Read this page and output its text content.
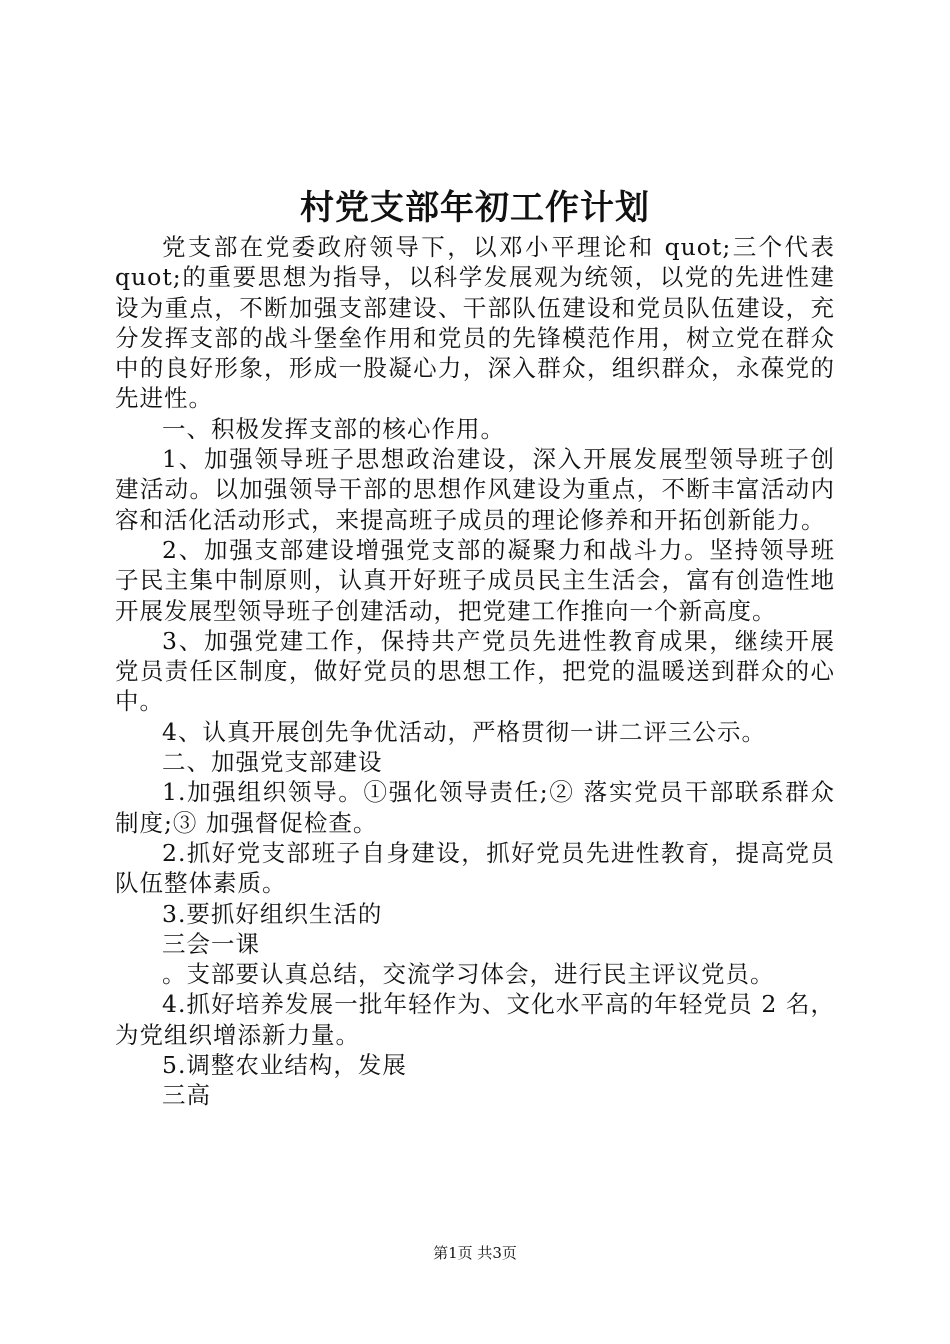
村党支部年初工作计划

党支部在党委政府领导下，以邓小平理论和 quot;三个代表 quot;的重要思想为指导，以科学发展观为统领，以党的先进性建设为重点，不断加强支部建设、干部队伍建设和党员队伍建设，充分发挥支部的战斗堡垒作用和党员的先锋模范作用，树立党在群众中的良好形象，形成一股凝心力，深入群众，组织群众，永葆党的先进性。

一、积极发挥支部的核心作用。

1、加强领导班子思想政治建设，深入开展发展型领导班子创建活动。以加强领导干部的思想作风建设为重点，不断丰富活动内容和活化活动形式，来提高班子成员的理论修养和开拓创新能力。

2、加强支部建设增强党支部的凝聚力和战斗力。坚持领导班子民主集中制原则，认真开好班子成员民主生活会，富有创造性地开展发展型领导班子创建活动，把党建工作推向一个新高度。

3、加强党建工作，保持共产党员先进性教育成果，继续开展党员责任区制度，做好党员的思想工作，把党的温暖送到群众的心中。

4、认真开展创先争优活动，严格贯彻一讲二评三公示。

二、加强党支部建设

1.加强组织领导。①强化领导责任;② 落实党员干部联系群众制度;③ 加强督促检查。

2.抓好党支部班子自身建设，抓好党员先进性教育，提高党员队伍整体素质。

3.要抓好组织生活的

三会一课

。支部要认真总结，交流学习体会，进行民主评议党员。

4.抓好培养发展一批年轻作为、文化水平高的年轻党员 2 名，为党组织增添新力量。

5.调整农业结构，发展

三高

第1页 共3页
